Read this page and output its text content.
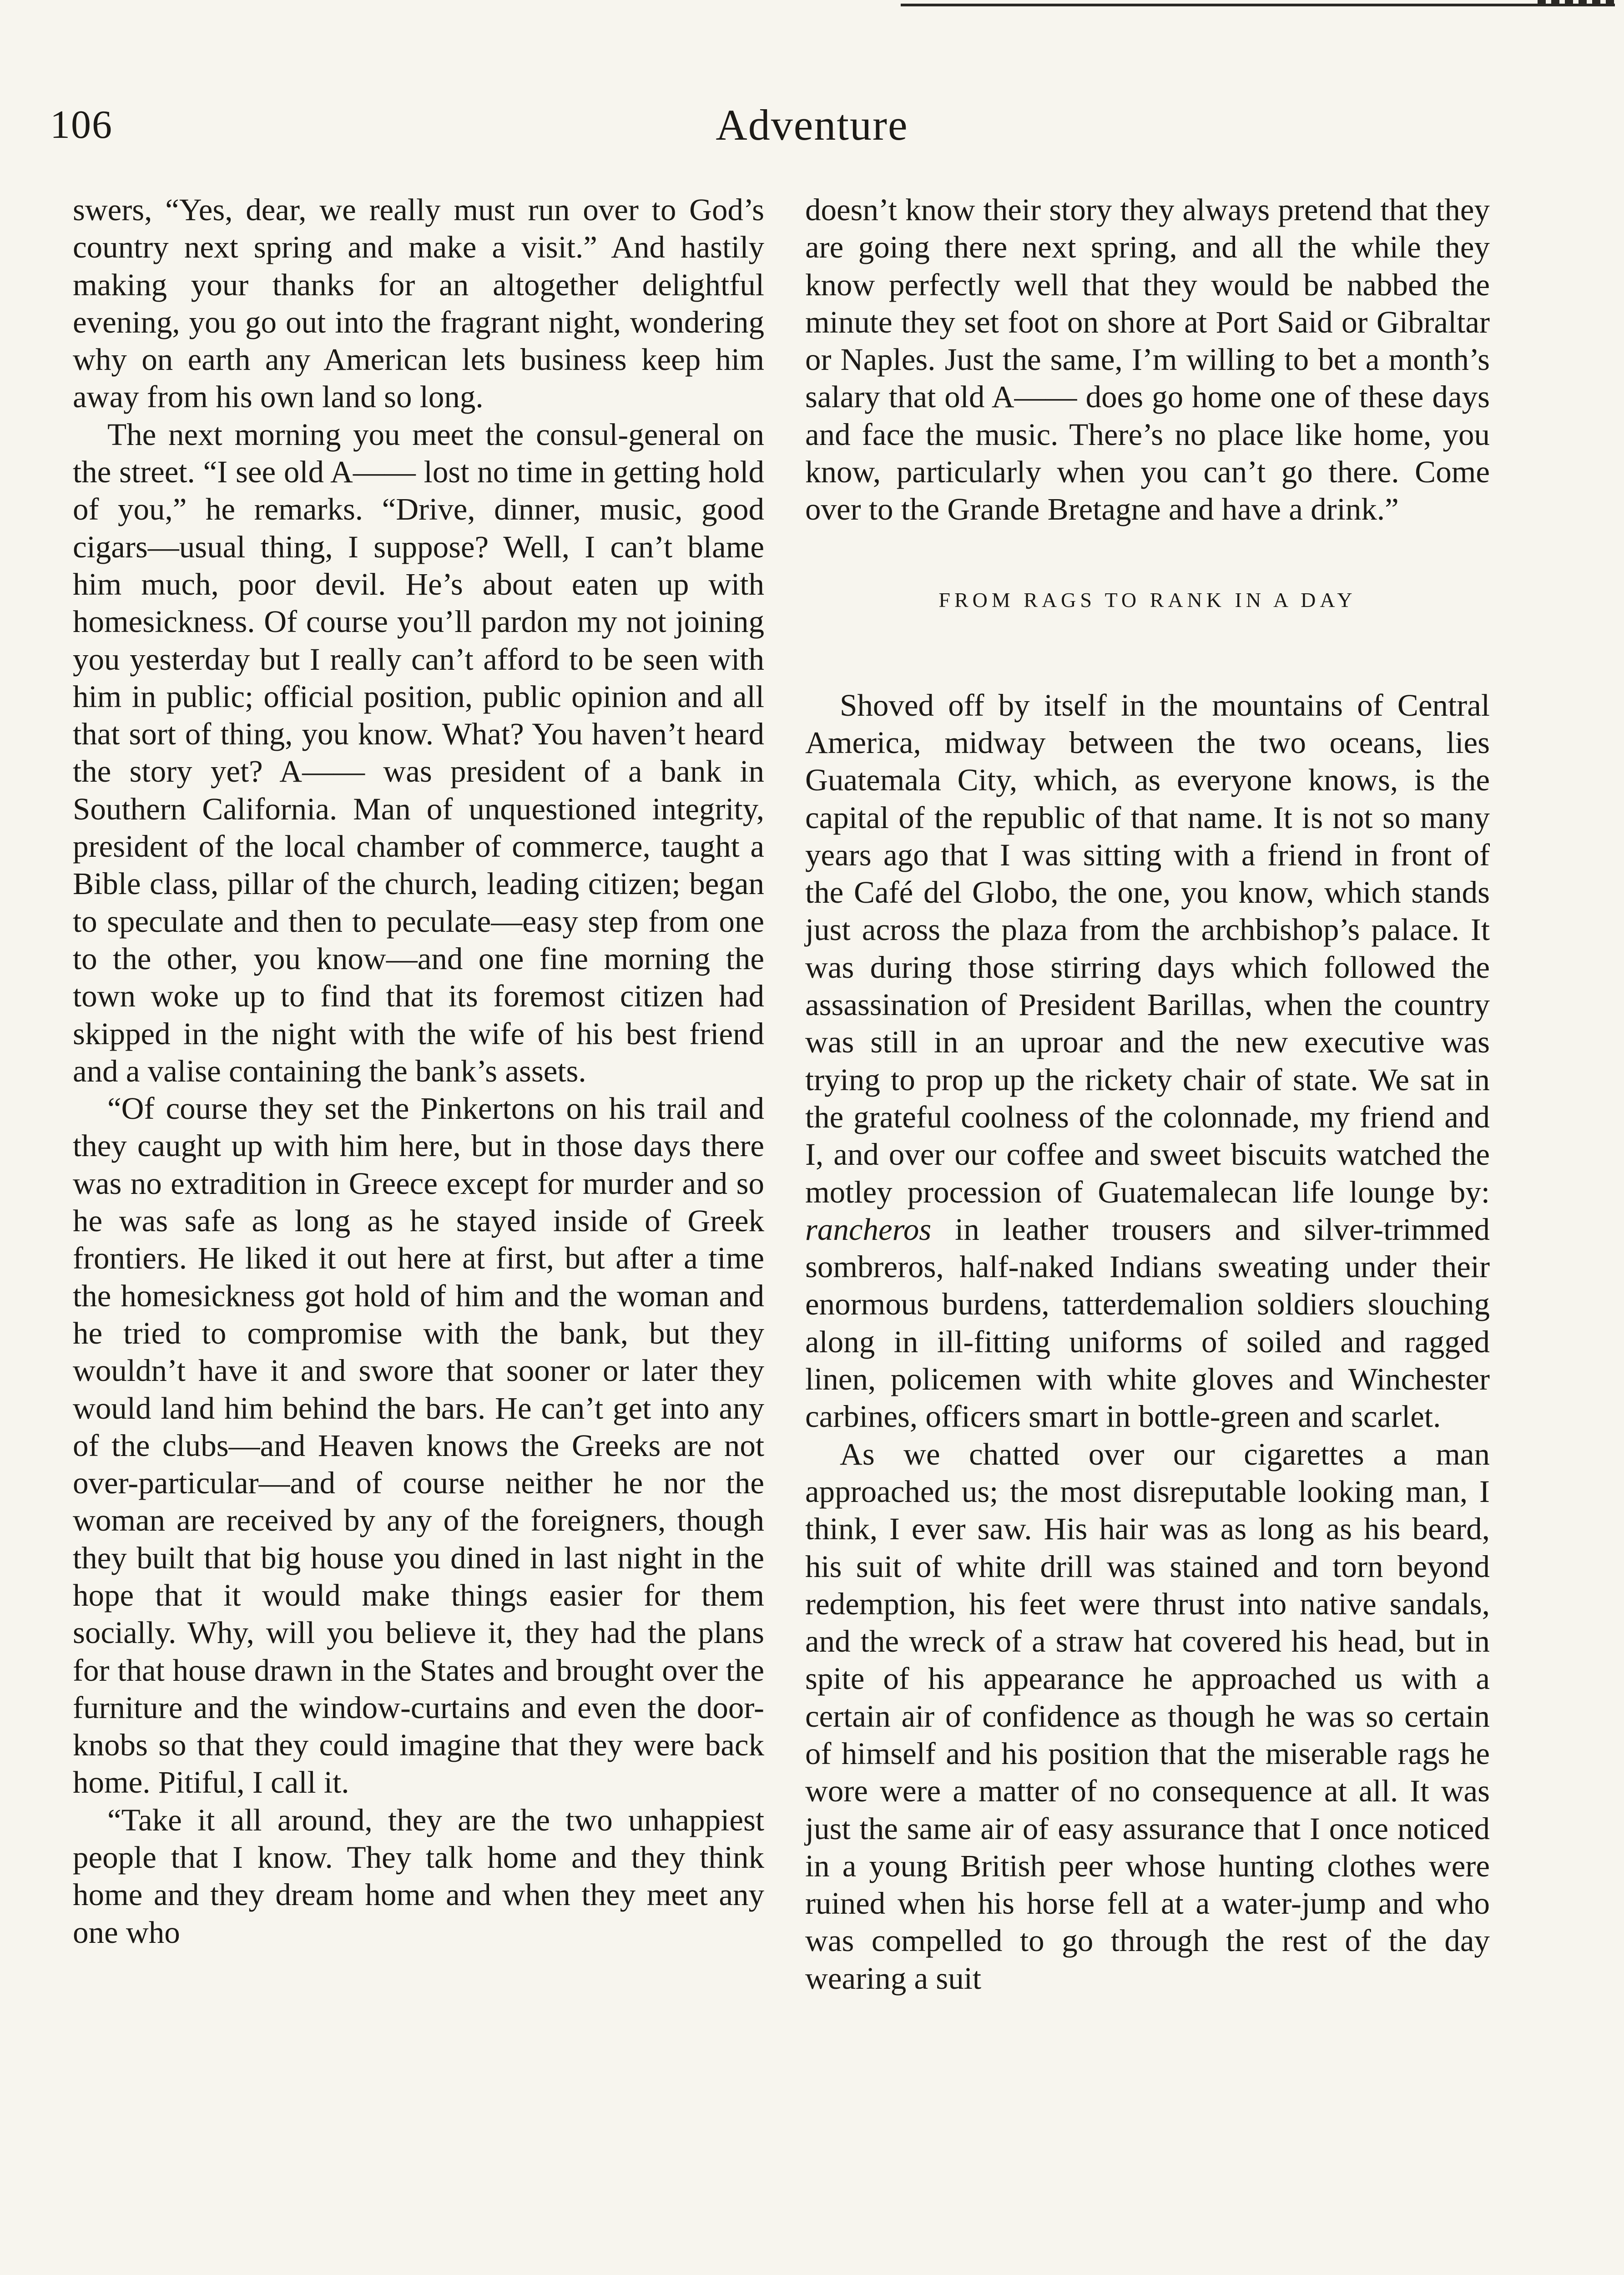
106	Adventure

swers, “Yes, dear, we really must run over to God’s country next spring and make a visit.” And hastily making your thanks for an altogether delightful evening, you go out into the fragrant night, wondering why on earth any American lets business keep him away from his own land so long.

The next morning you meet the consul-general on the street. “I see old A—— lost no time in getting hold of you,” he remarks. “Drive, dinner, music, good cigars—usual thing, I suppose? Well, I can’t blame him much, poor devil. He’s about eaten up with homesickness. Of course you’ll pardon my not joining you yesterday but I really can’t afford to be seen with him in public; official position, public opinion and all that sort of thing, you know. What? You haven’t heard the story yet? A—— was president of a bank in Southern California. Man of unquestioned integrity, president of the local chamber of commerce, taught a Bible class, pillar of the church, leading citizen; began to speculate and then to peculate—easy step from one to the other, you know—and one fine morning the town woke up to find that its foremost citizen had skipped in the night with the wife of his best friend and a valise containing the bank’s assets.

“Of course they set the Pinkertons on his trail and they caught up with him here, but in those days there was no extradition in Greece except for murder and so he was safe as long as he stayed inside of Greek frontiers. He liked it out here at first, but after a time the homesickness got hold of him and the woman and he tried to compromise with the bank, but they wouldn’t have it and swore that sooner or later they would land him behind the bars. He can’t get into any of the clubs—and Heaven knows the Greeks are not over-particular—and of course neither he nor the woman are received by any of the foreigners, though they built that big house you dined in last night in the hope that it would make things easier for them socially. Why, will you believe it, they had the plans for that house drawn in the States and brought over the furniture and the window-curtains and even the door-knobs so that they could imagine that they were back home. Pitiful, I call it.

“Take it all around, they are the two unhappiest people that I know. They talk home and they think home and they dream home and when they meet any one who

doesn’t know their story they always pretend that they are going there next spring, and all the while they know perfectly well that they would be nabbed the minute they set foot on shore at Port Said or Gibraltar or Naples. Just the same, I’m willing to bet a month’s salary that old A—— does go home one of these days and face the music. There’s no place like home, you know, particularly when you can’t go there. Come over to the Grande Bretagne and have a drink.”

FROM RAGS TO RANK IN A DAY

Shoved off by itself in the mountains of Central America, midway between the two oceans, lies Guatemala City, which, as everyone knows, is the capital of the republic of that name. It is not so many years ago that I was sitting with a friend in front of the Café del Globo, the one, you know, which stands just across the plaza from the archbishop’s palace. It was during those stirring days which followed the assassination of President Barillas, when the country was still in an uproar and the new executive was trying to prop up the rickety chair of state. We sat in the grateful coolness of the colonnade, my friend and I, and over our coffee and sweet biscuits watched the motley procession of Guatemalecan life lounge by: rancheros in leather trousers and silver-trimmed sombreros, half-naked Indians sweating under their enormous burdens, tatterdemalion soldiers slouching along in ill-fitting uniforms of soiled and ragged linen, policemen with white gloves and Winchester carbines, officers smart in bottle-green and scarlet.

As we chatted over our cigarettes a man approached us; the most disreputable looking man, I think, I ever saw. His hair was as long as his beard, his suit of white drill was stained and torn beyond redemption, his feet were thrust into native sandals, and the wreck of a straw hat covered his head, but in spite of his appearance he approached us with a certain air of confidence as though he was so certain of himself and his position that the miserable rags he wore were a matter of no consequence at all. It was just the same air of easy assurance that I once noticed in a young British peer whose hunting clothes were ruined when his horse fell at a water-jump and who was compelled to go through the rest of the day wearing a suit
